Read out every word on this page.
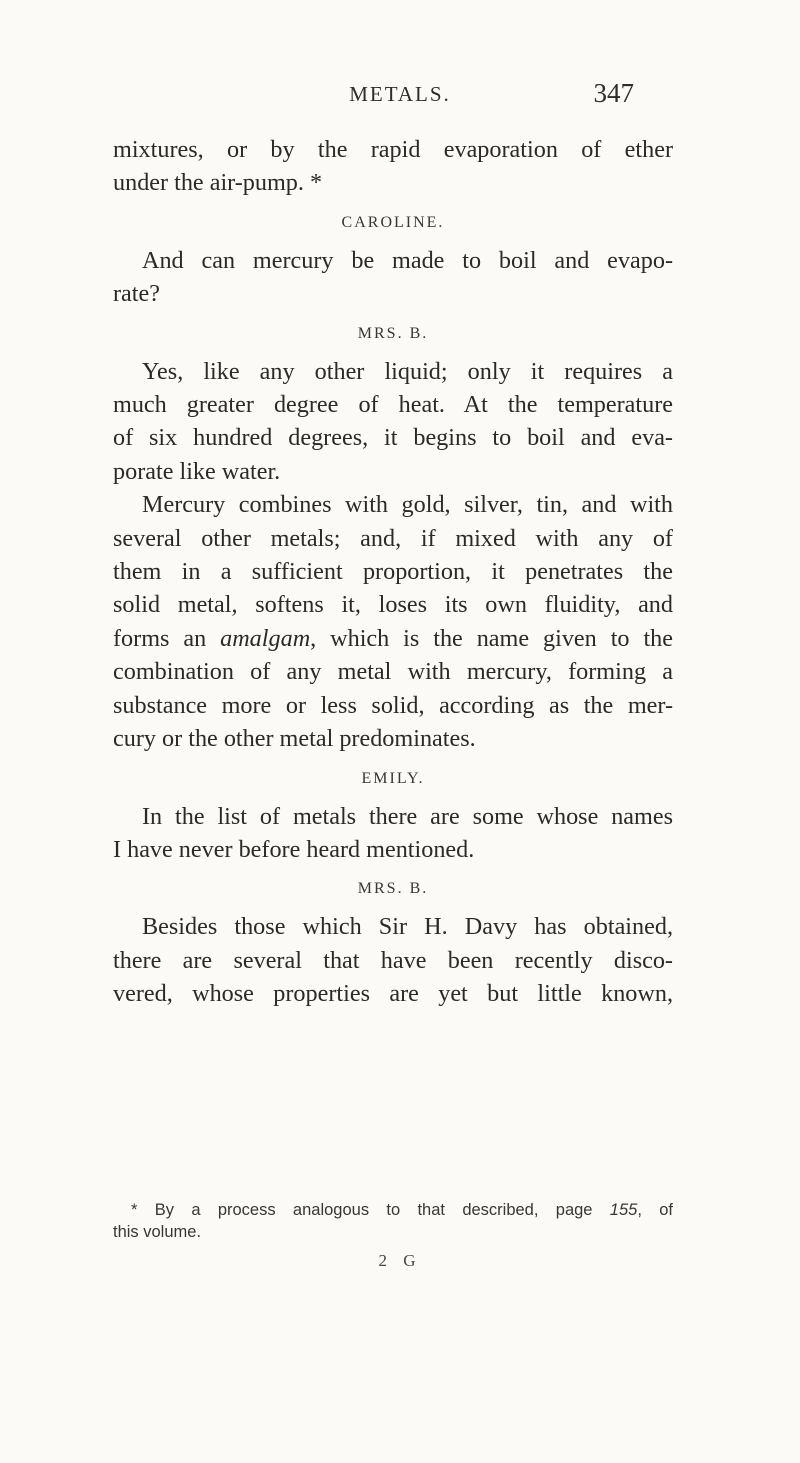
METALS.	347

mixtures, or by the rapid evaporation of ether
under the air-pump. *

CAROLINE.

And can mercury be made to boil and evapo-
rate?

MRS. B.

Yes, like any other liquid; only it requires a
much greater degree of heat. At the temperature
of six hundred degrees, it begins to boil and eva-
porate like water.

Mercury combines with gold, silver, tin, and with
several other metals; and, if mixed with any of
them in a sufficient proportion, it penetrates the
solid metal, softens it, loses its own fluidity, and
forms an amalgam, which is the name given to the
combination of any metal with mercury, forming a
substance more or less solid, according as the mer-
cury or the other metal predominates.

EMILY.

In the list of metals there are some whose names
I have never before heard mentioned.

MRS. B.

Besides those which Sir H. Davy has obtained,
there are several that have been recently disco-
vered, whose properties are yet but little known,

* By a process analogous to that described, page 155, of
this volume.
2 G
